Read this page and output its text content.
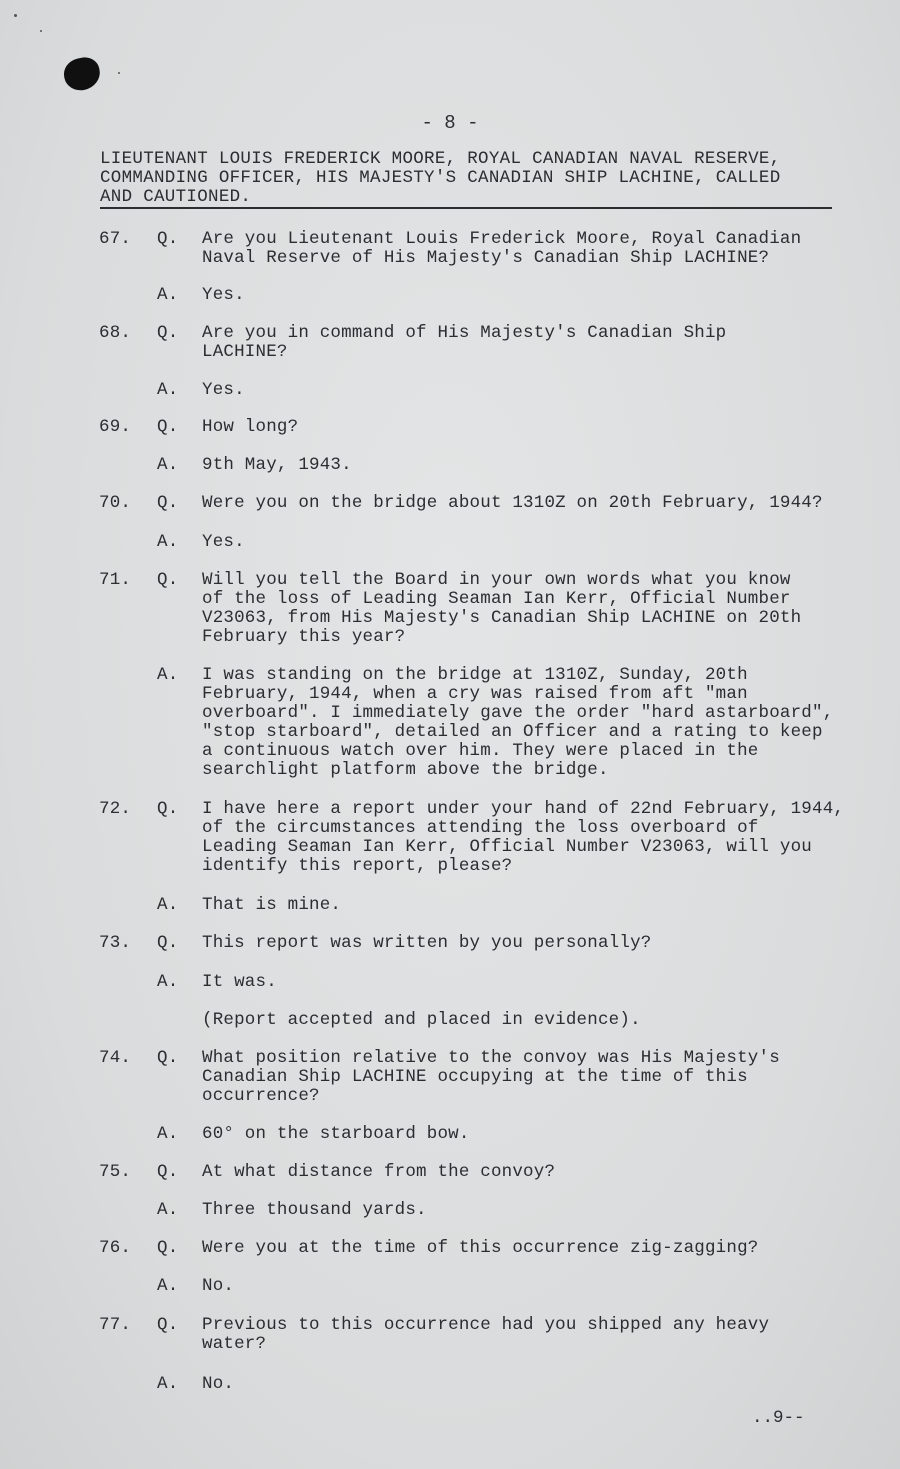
- 8 -
LIEUTENANT LOUIS FREDERICK MOORE, ROYAL CANADIAN NAVAL RESERVE,
COMMANDING OFFICER, HIS MAJESTY'S CANADIAN SHIP LACHINE, CALLED
AND CAUTIONED.
67.	Q.	Are you Lieutenant Louis Frederick Moore, Royal Canadian
Naval Reserve of His Majesty's Canadian Ship LACHINE?
A.	Yes.
68.	Q.	Are you in command of His Majesty's Canadian Ship
LACHINE?
A.	Yes.
69.	Q.	How long?
A.	9th May, 1943.
70.	Q.	Were you on the bridge about 1310Z on 20th February, 1944?
A.	Yes.
71.	Q.	Will you tell the Board in your own words what you know
of the loss of Leading Seaman Ian Kerr, Official Number
V23063, from His Majesty's Canadian Ship LACHINE on 20th
February this year?
A.	I was standing on the bridge at 1310Z, Sunday, 20th
February, 1944, when a cry was raised from aft "man
overboard". I immediately gave the order "hard astarboard",
"stop starboard", detailed an Officer and a rating to keep
a continuous watch over him. They were placed in the
searchlight platform above the bridge.
72.	Q.	I have here a report under your hand of 22nd February, 1944,
of the circumstances attending the loss overboard of
Leading Seaman Ian Kerr, Official Number V23063, will you
identify this report, please?
A.	That is mine.
73.	Q.	This report was written by you personally?
A.	It was.
(Report accepted and placed in evidence).
74.	Q.	What position relative to the convoy was His Majesty's
Canadian Ship LACHINE occupying at the time of this
occurrence?
A.	60° on the starboard bow.
75.	Q.	At what distance from the convoy?
A.	Three thousand yards.
76.	Q.	Were you at the time of this occurrence zig-zagging?
A.	No.
77.	Q.	Previous to this occurrence had you shipped any heavy
water?
A.	No.
..9--
